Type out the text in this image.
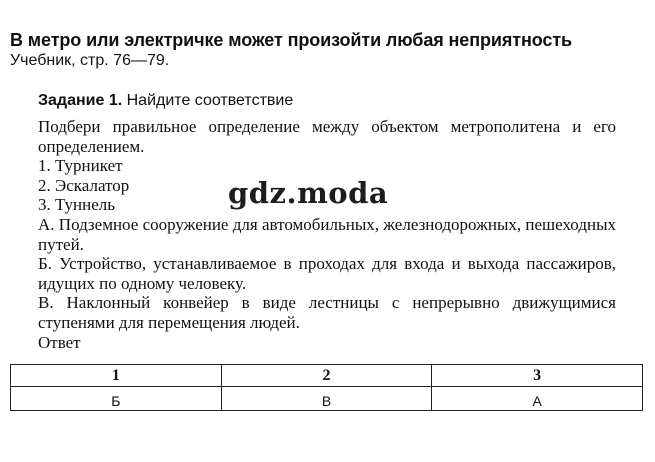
В метро или электричке может произойти любая неприятность
Учебник, стр. 76—79.
Задание 1. Найдите соответствие

Подбери правильное определение между объектом метрополитена и его определением.

1. Турникет

2. Эскалатор

3. Туннель

А. Подземное сооружение для автомобильных, железнодорожных, пешеходных путей.

Б. Устройство, устанавливаемое в проходах для входа и выхода пассажиров, идущих по одному человеку.

В. Наклонный конвейер в виде лестницы с непрерывно движущимися ступенями для перемещения людей.

Ответ

gdz.moda
1	2	3
Б	В	А
